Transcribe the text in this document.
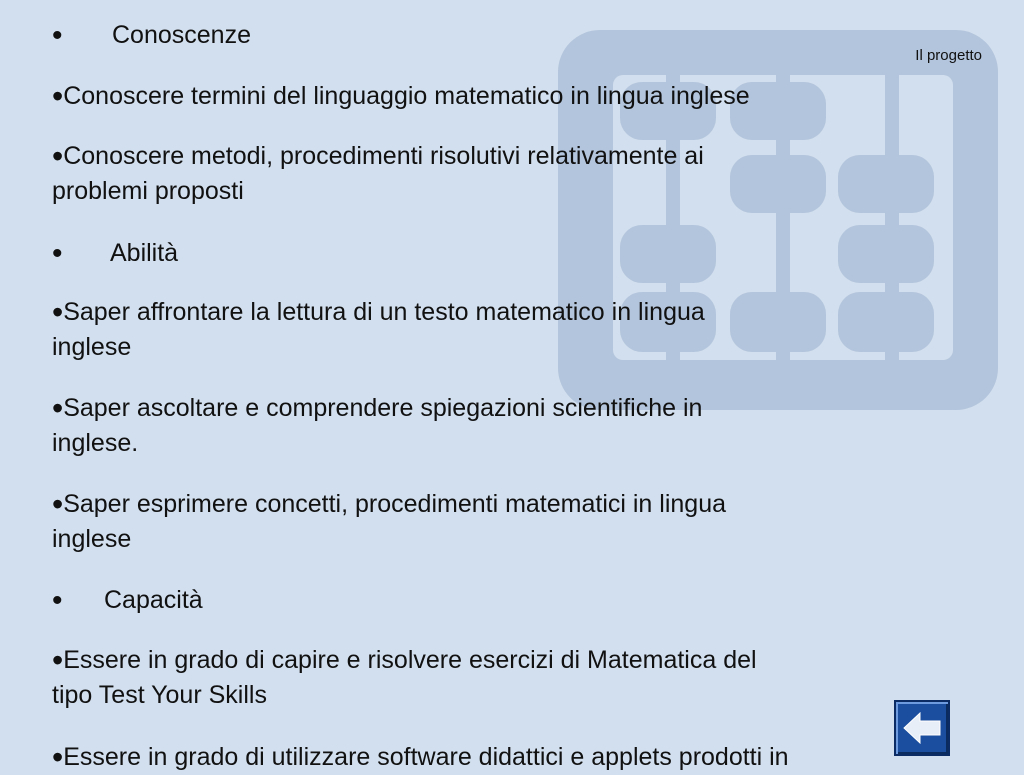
Il progetto
• Conoscenze
•Conoscere termini del linguaggio matematico in lingua inglese
•Conoscere metodi, procedimenti risolutivi relativamente ai
problemi proposti
• Abilità
•Saper affrontare la lettura di un testo matematico in lingua
inglese
•Saper ascoltare e comprendere spiegazioni scientifiche in
inglese.
•Saper esprimere concetti, procedimenti matematici in lingua
inglese
• Capacità
•Essere in grado di capire e risolvere esercizi di Matematica del
tipo Test Your Skills
•Essere in grado di utilizzare software didattici e applets prodotti in
